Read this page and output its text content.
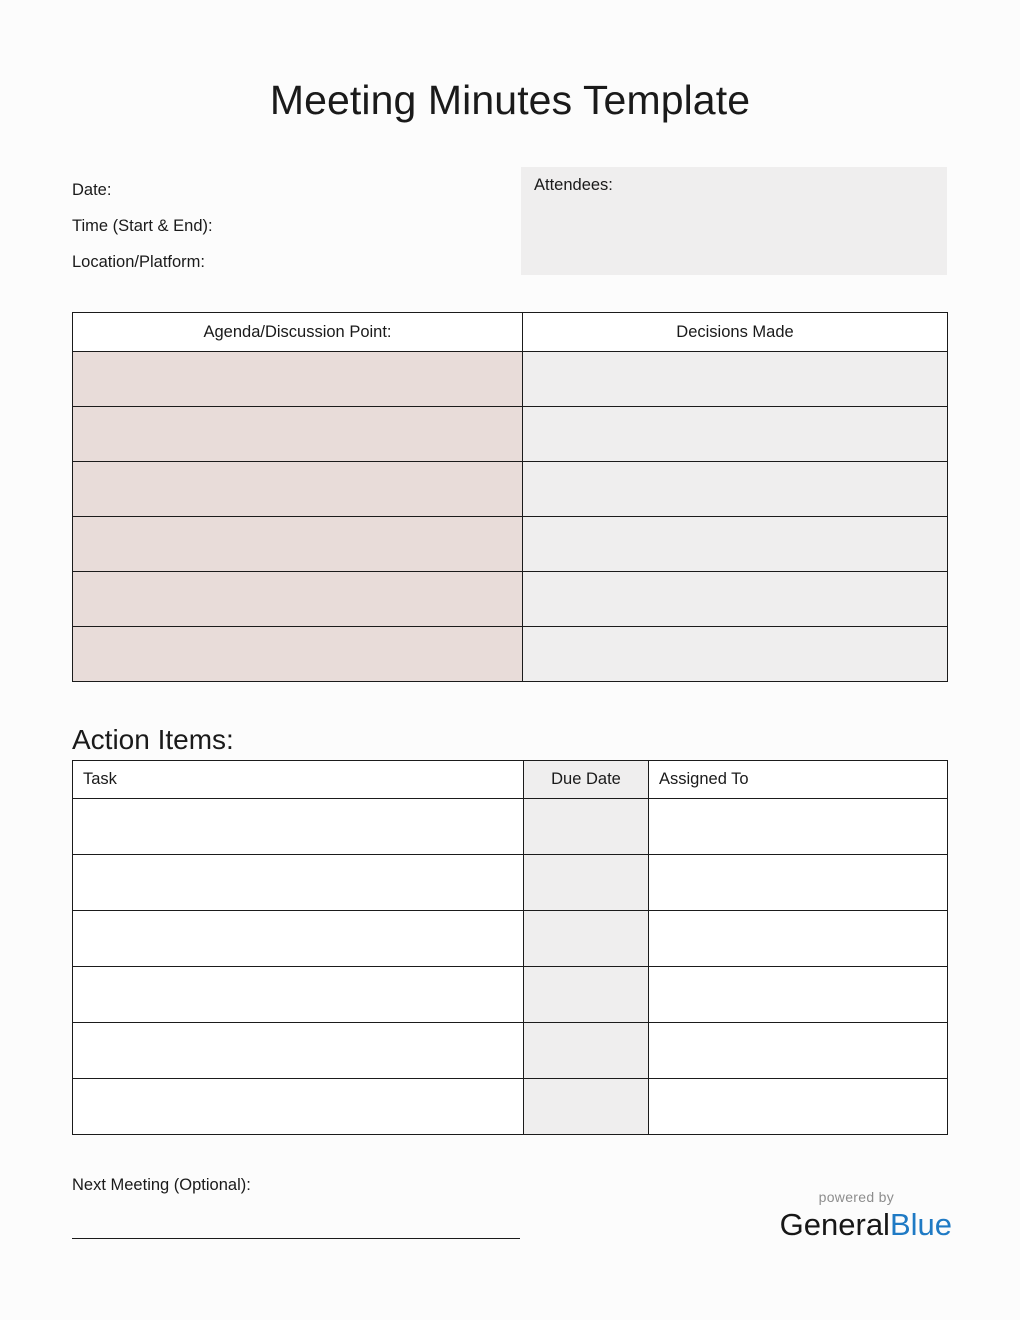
Meeting Minutes Template
Date:
Time (Start & End):
Location/Platform:
Attendees:
Agenda/Discussion Point:	Decisions Made

Action Items:
Task	Due Date	Assigned To

Next Meeting (Optional):
powered by
GeneralBlue
